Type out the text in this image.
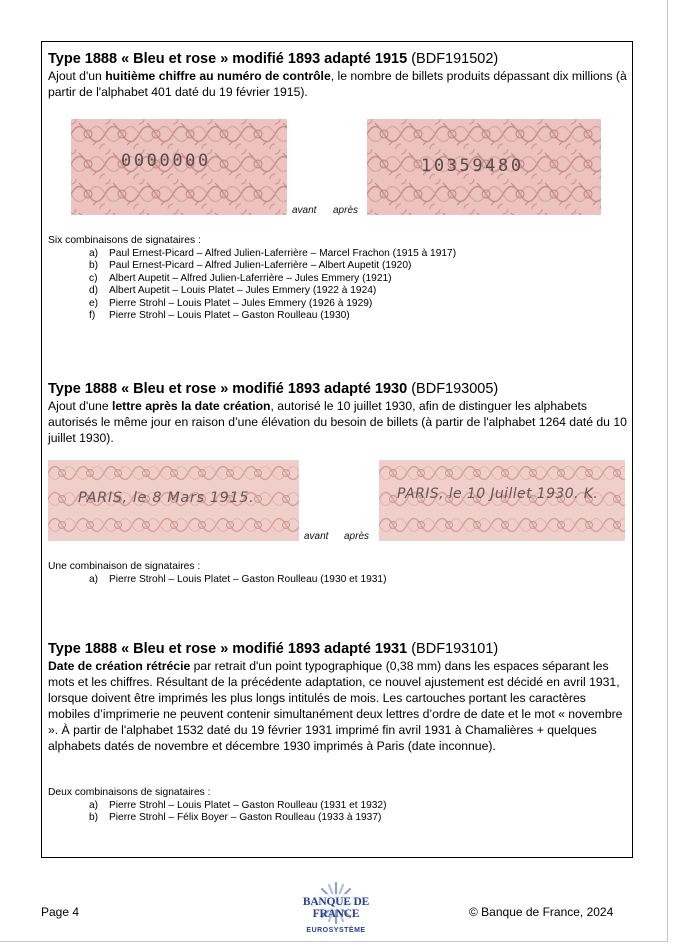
Type 1888 « Bleu et rose » modifié 1893 adapté 1915 (BDF191502)

Ajout d'un huitième chiffre au numéro de contrôle, le nombre de billets produits dépassant dix millions (à partir de l'alphabet 401 daté du 19 février 1915).

0000000
avant après
10359480

Six combinaisons de signataires :

a) Paul Ernest-Picard – Alfred Julien-Laferrière – Marcel Frachon (1915 à 1917)
b) Paul Ernest-Picard – Alfred Julien-Laferrière – Albert Aupetit (1920)
c) Albert Aupetit – Alfred Julien-Laferrière – Jules Emmery (1921)
d) Albert Aupetit – Louis Platet – Jules Emmery (1922 à 1924)
e) Pierre Strohl – Louis Platet – Jules Emmery (1926 à 1929)
f) Pierre Strohl – Louis Platet – Gaston Roulleau (1930)
Type 1888 « Bleu et rose » modifié 1893 adapté 1930 (BDF193005)

Ajout d'une lettre après la date création, autorisé le 10 juillet 1930, afin de distinguer les alphabets autorisés le même jour en raison d’une élévation du besoin de billets (à partir de l'alphabet 1264 daté du 10 juillet 1930).

PARIS, le 8 Mars 1915.
avant après
PARIS, le 10 Juillet 1930. K.

Une combinaison de signataires :

a) Pierre Strohl – Louis Platet – Gaston Roulleau (1930 et 1931)
Type 1888 « Bleu et rose » modifié 1893 adapté 1931 (BDF193101)

Date de création rétrécie par retrait d'un point typographique (0,38 mm) dans les espaces séparant les mots et les chiffres. Résultant de la précédente adaptation, ce nouvel ajustement est décidé en avril 1931, lorsque doivent être imprimés les plus longs intitulés de mois. Les cartouches portant les caractères mobiles d’imprimerie ne peuvent contenir simultanément deux lettres d’ordre de date et le mot « novembre ». À partir de l'alphabet 1532 daté du 19 février 1931 imprimé fin avril 1931 à Chamalières + quelques alphabets datés de novembre et décembre 1930 imprimés à Paris (date inconnue).

Deux combinaisons de signataires :

a) Pierre Strohl – Louis Platet – Gaston Roulleau (1931 et 1932)
b) Pierre Strohl – Félix Boyer – Gaston Roulleau (1933 à 1937)
Page 4
BANQUE DE FRANCE
EUROSYSTÈME
© Banque de France, 2024
